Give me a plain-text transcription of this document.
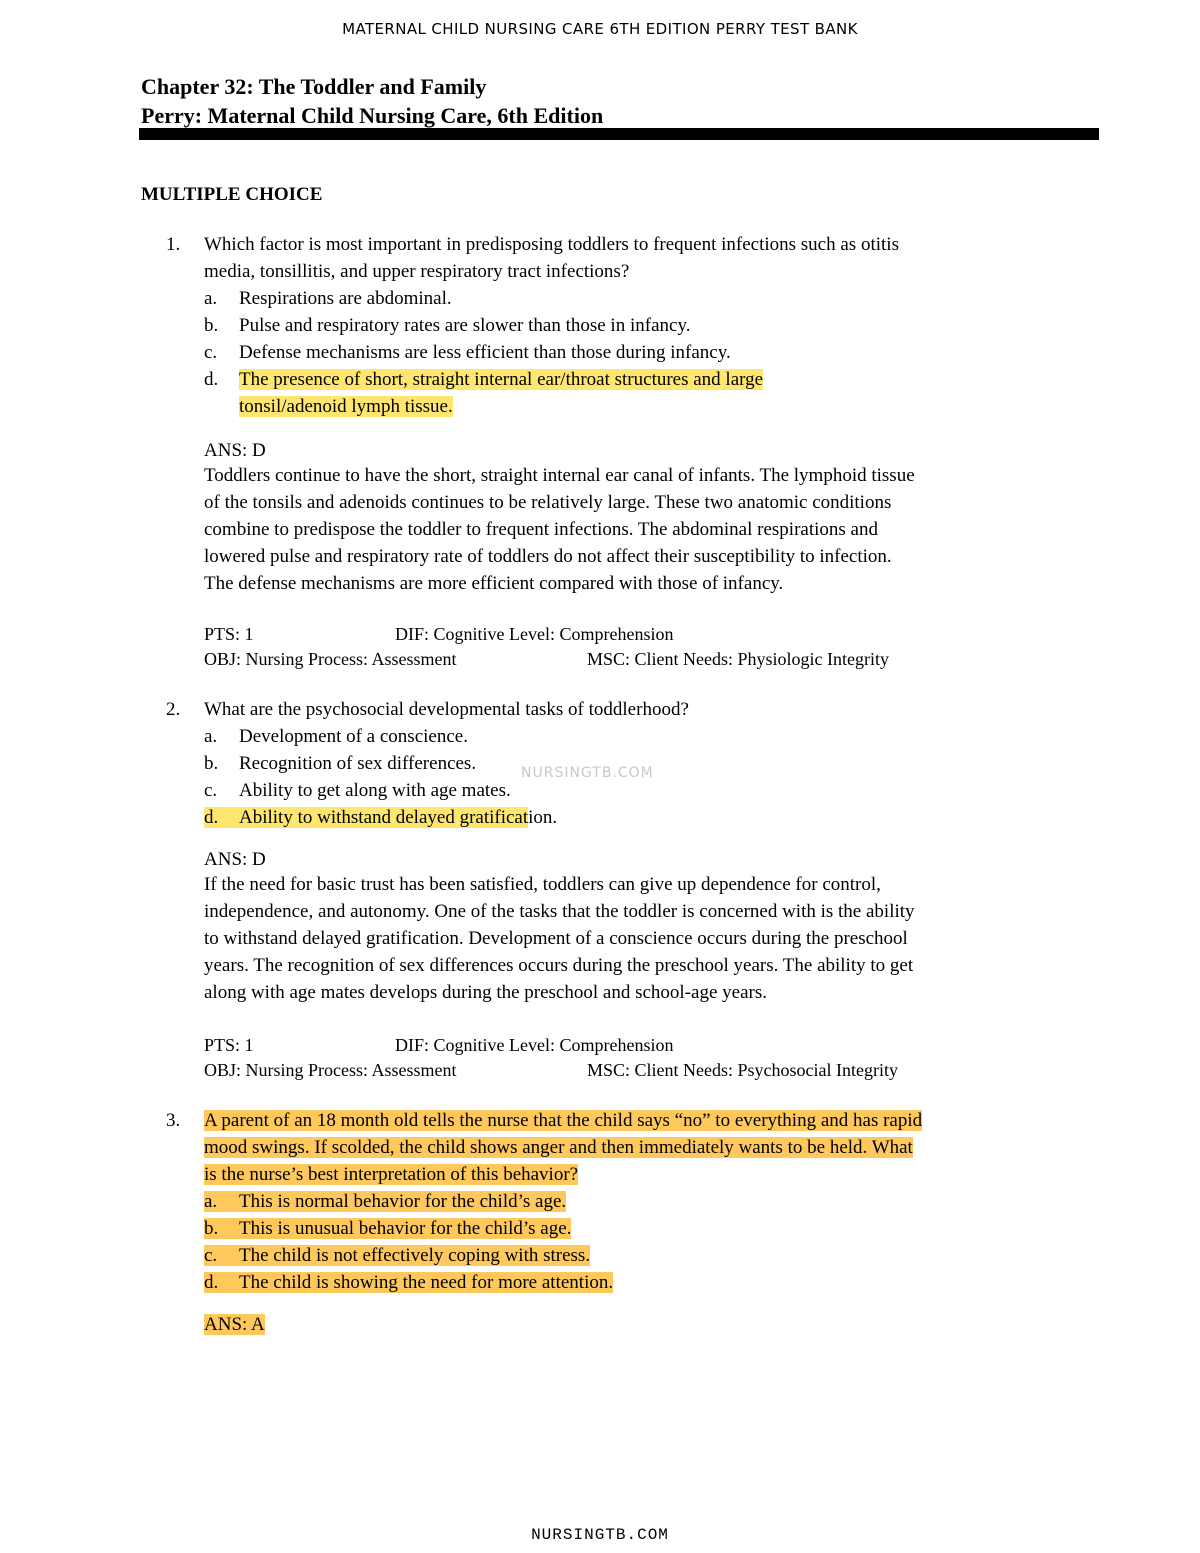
MATERNAL CHILD NURSING CARE 6TH EDITION PERRY TEST BANK
Chapter 32: The Toddler and Family
Perry: Maternal Child Nursing Care, 6th Edition
MULTIPLE CHOICE
1. Which factor is most important in predisposing toddlers to frequent infections such as otitis
media, tonsillitis, and upper respiratory tract infections?
a. Respirations are abdominal.
b. Pulse and respiratory rates are slower than those in infancy.
c. Defense mechanisms are less efficient than those during infancy.
d. The presence of short, straight internal ear/throat structures and large
tonsil/adenoid lymph tissue.
ANS: D
Toddlers continue to have the short, straight internal ear canal of infants. The lymphoid tissue
of the tonsils and adenoids continues to be relatively large. These two anatomic conditions
combine to predispose the toddler to frequent infections. The abdominal respirations and
lowered pulse and respiratory rate of toddlers do not affect their susceptibility to infection.
The defense mechanisms are more efficient compared with those of infancy.
PTS: 1	DIF: Cognitive Level: Comprehension
OBJ: Nursing Process: Assessment	MSC: Client Needs: Physiologic Integrity
2. What are the psychosocial developmental tasks of toddlerhood?
a. Development of a conscience.
b. Recognition of sex differences.
c. Ability to get along with age mates.
d. Ability to withstand delayed gratification.
ANS: D
If the need for basic trust has been satisfied, toddlers can give up dependence for control,
independence, and autonomy. One of the tasks that the toddler is concerned with is the ability
to withstand delayed gratification. Development of a conscience occurs during the preschool
years. The recognition of sex differences occurs during the preschool years. The ability to get
along with age mates develops during the preschool and school-age years.
PTS: 1	DIF: Cognitive Level: Comprehension
OBJ: Nursing Process: Assessment	MSC: Client Needs: Psychosocial Integrity
3. A parent of an 18 month old tells the nurse that the child says “no” to everything and has rapid
mood swings. If scolded, the child shows anger and then immediately wants to be held. What
is the nurse’s best interpretation of this behavior?
a. This is normal behavior for the child’s age.
b. This is unusual behavior for the child’s age.
c. The child is not effectively coping with stress.
d. The child is showing the need for more attention.
ANS: A
NURSINGTB.COM
NURSINGTB.COM
